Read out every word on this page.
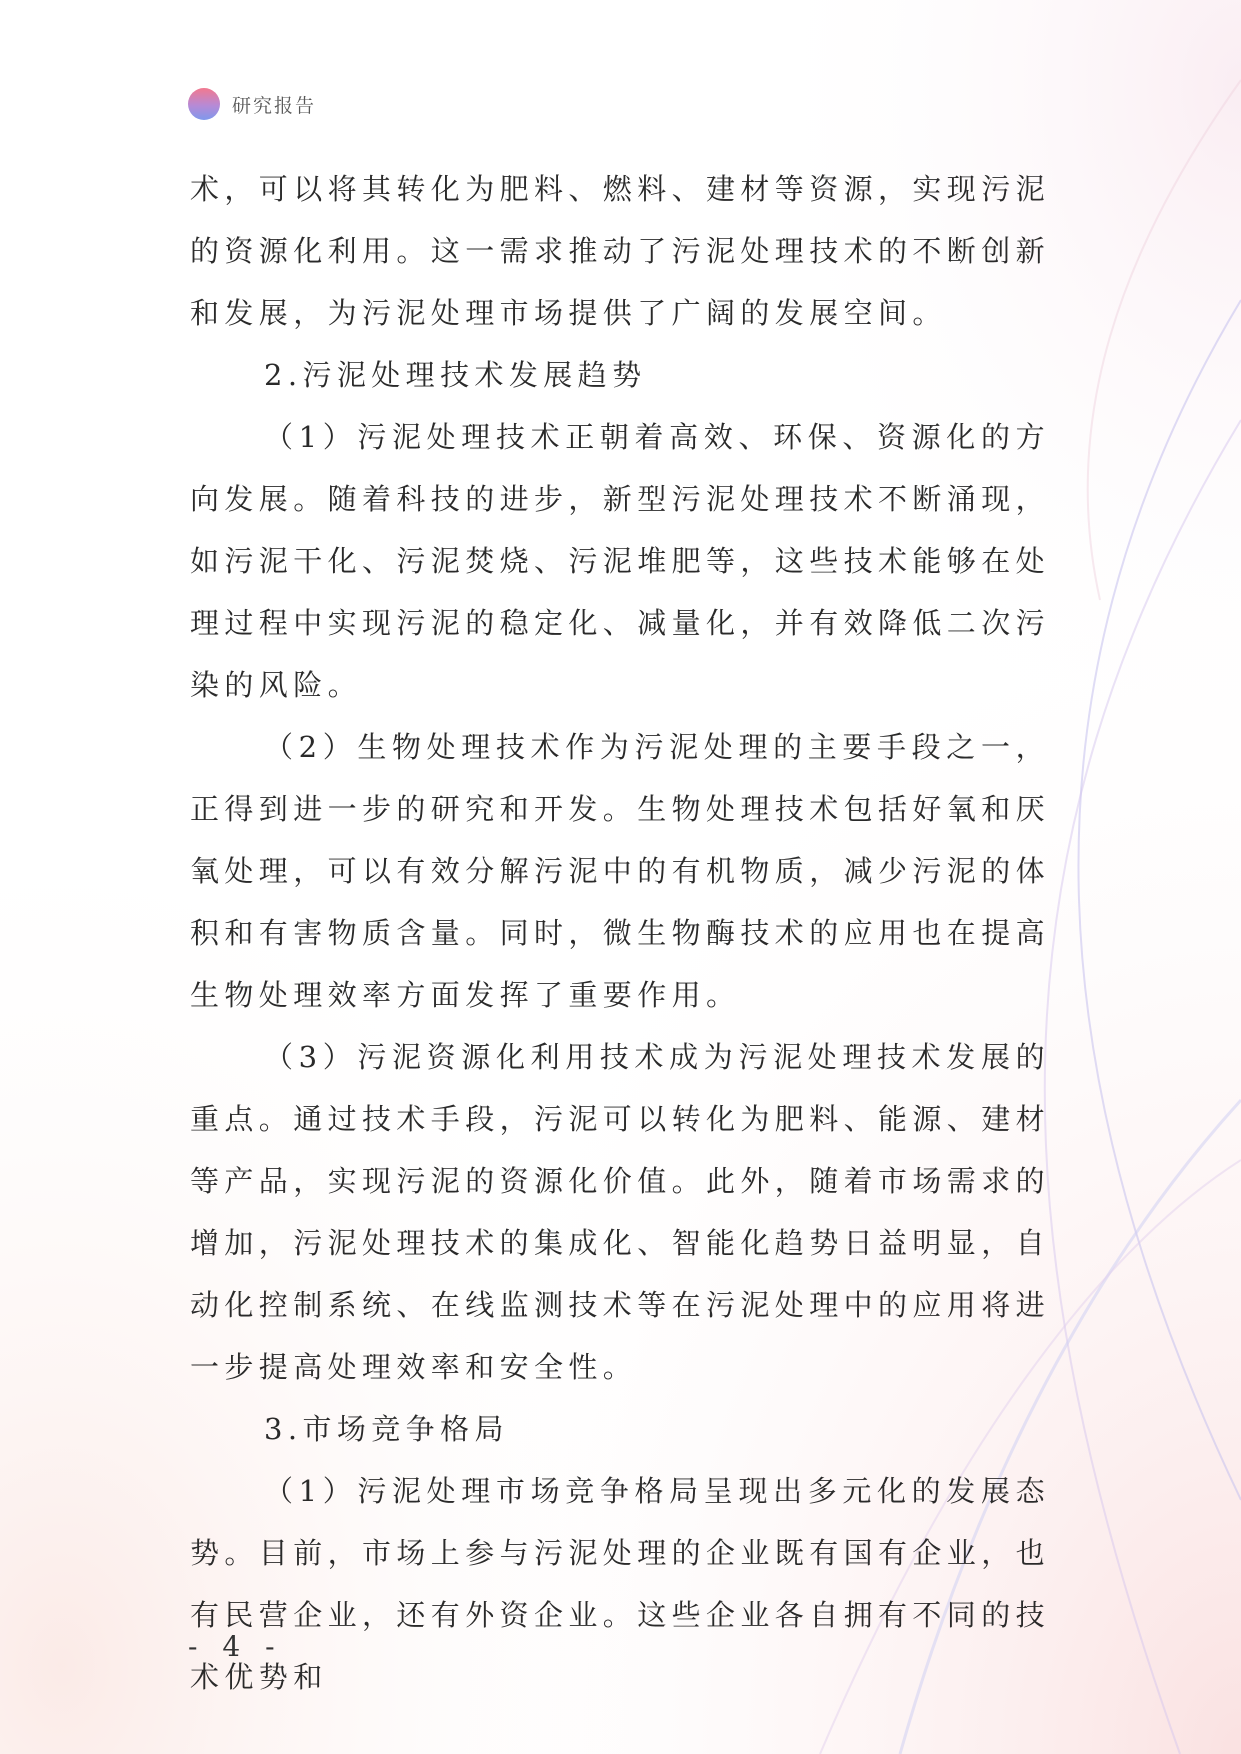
研究报告

术，可以将其转化为肥料、燃料、建材等资源，实现污泥的资源化利用。这一需求推动了污泥处理技术的不断创新和发展，为污泥处理市场提供了广阔的发展空间。

2.污泥处理技术发展趋势

（1）污泥处理技术正朝着高效、环保、资源化的方向发展。随着科技的进步，新型污泥处理技术不断涌现，如污泥干化、污泥焚烧、污泥堆肥等，这些技术能够在处理过程中实现污泥的稳定化、减量化，并有效降低二次污染的风险。

（2）生物处理技术作为污泥处理的主要手段之一，正得到进一步的研究和开发。生物处理技术包括好氧和厌氧处理，可以有效分解污泥中的有机物质，减少污泥的体积和有害物质含量。同时，微生物酶技术的应用也在提高生物处理效率方面发挥了重要作用。

（3）污泥资源化利用技术成为污泥处理技术发展的重点。通过技术手段，污泥可以转化为肥料、能源、建材等产品，实现污泥的资源化价值。此外，随着市场需求的增加，污泥处理技术的集成化、智能化趋势日益明显，自动化控制系统、在线监测技术等在污泥处理中的应用将进一步提高处理效率和安全性。

3.市场竞争格局

（1）污泥处理市场竞争格局呈现出多元化的发展态势。目前，市场上参与污泥处理的企业既有国有企业，也有民营企业，还有外资企业。这些企业各自拥有不同的技术优势和

- 4 -
